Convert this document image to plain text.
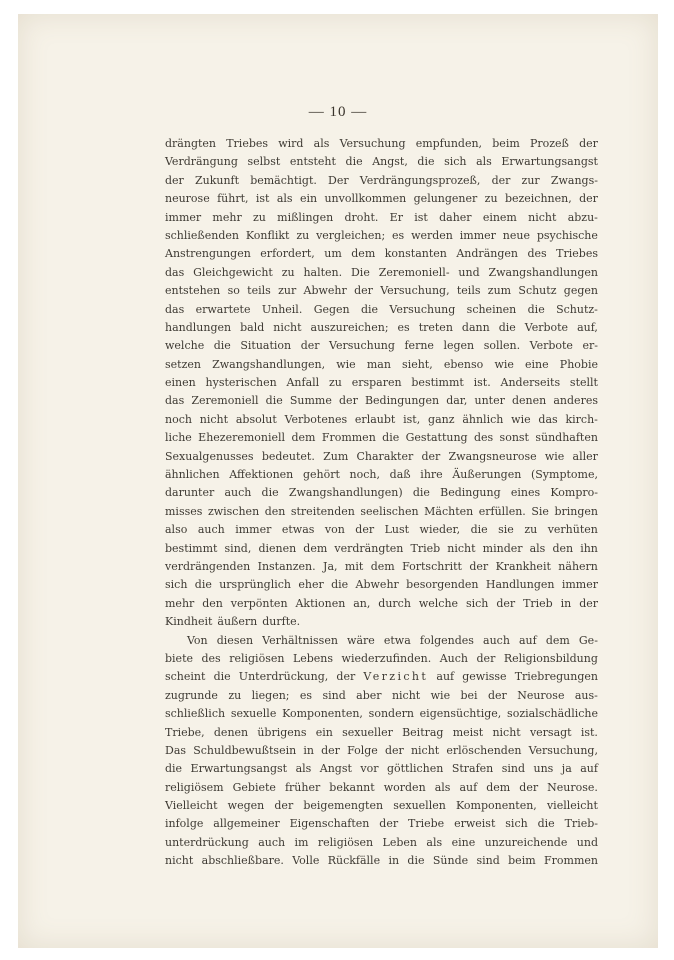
— 10 —
drängten Triebes wird als Versuchung empfunden, beim Prozeß der
Verdrängung selbst entsteht die Angst, die sich als Erwartungsangst
der Zukunft bemächtigt. Der Verdrängungsprozeß, der zur Zwangs-
neurose führt, ist als ein unvollkommen gelungener zu bezeichnen, der
immer mehr zu mißlingen droht. Er ist daher einem nicht abzu-
schließenden Konflikt zu vergleichen; es werden immer neue psychische
Anstrengungen erfordert, um dem konstanten Andrängen des Triebes
das Gleichgewicht zu halten. Die Zeremoniell- und Zwangshandlungen
entstehen so teils zur Abwehr der Versuchung, teils zum Schutz gegen
das erwartete Unheil. Gegen die Versuchung scheinen die Schutz-
handlungen bald nicht auszureichen; es treten dann die Verbote auf,
welche die Situation der Versuchung ferne legen sollen. Verbote er-
setzen Zwangshandlungen, wie man sieht, ebenso wie eine Phobie
einen hysterischen Anfall zu ersparen bestimmt ist. Anderseits stellt
das Zeremoniell die Summe der Bedingungen dar, unter denen anderes
noch nicht absolut Verbotenes erlaubt ist, ganz ähnlich wie das kirch-
liche Ehezeremoniell dem Frommen die Gestattung des sonst sündhaften
Sexualgenusses bedeutet. Zum Charakter der Zwangsneurose wie aller
ähnlichen Affektionen gehört noch, daß ihre Äußerungen (Symptome,
darunter auch die Zwangshandlungen) die Bedingung eines Kompro-
misses zwischen den streitenden seelischen Mächten erfüllen. Sie bringen
also auch immer etwas von der Lust wieder, die sie zu verhüten
bestimmt sind, dienen dem verdrängten Trieb nicht minder als den ihn
verdrängenden Instanzen. Ja, mit dem Fortschritt der Krankheit nähern
sich die ursprünglich eher die Abwehr besorgenden Handlungen immer
mehr den verpönten Aktionen an, durch welche sich der Trieb in der
Kindheit äußern durfte.
Von diesen Verhältnissen wäre etwa folgendes auch auf dem Ge-
biete des religiösen Lebens wiederzufinden. Auch der Religionsbildung
scheint die Unterdrückung, der Verzicht auf gewisse Triebregungen
zugrunde zu liegen; es sind aber nicht wie bei der Neurose aus-
schließlich sexuelle Komponenten, sondern eigensüchtige, sozialschädliche
Triebe, denen übrigens ein sexueller Beitrag meist nicht versagt ist.
Das Schuldbewußtsein in der Folge der nicht erlöschenden Versuchung,
die Erwartungsangst als Angst vor göttlichen Strafen sind uns ja auf
religiösem Gebiete früher bekannt worden als auf dem der Neurose.
Vielleicht wegen der beigemengten sexuellen Komponenten, vielleicht
infolge allgemeiner Eigenschaften der Triebe erweist sich die Trieb-
unterdrückung auch im religiösen Leben als eine unzureichende und
nicht abschließbare. Volle Rückfälle in die Sünde sind beim Frommen
